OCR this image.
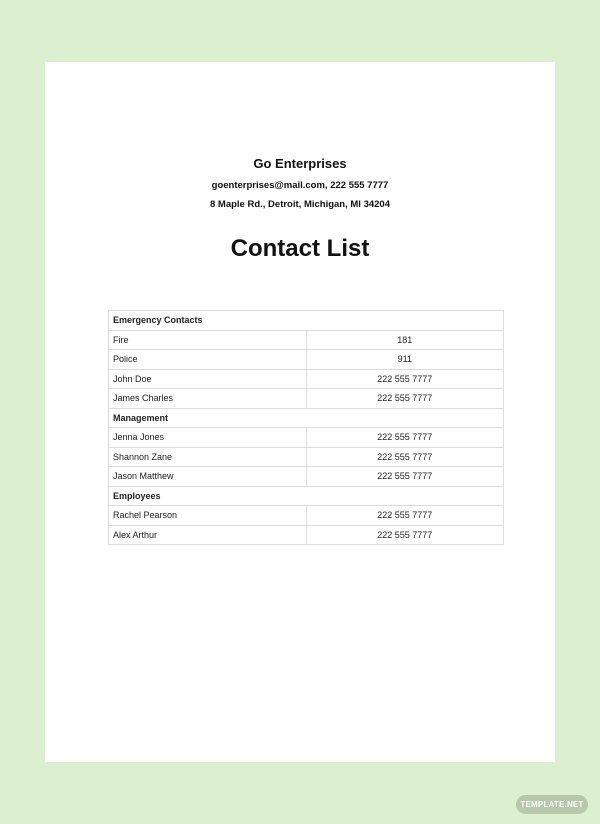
Go Enterprises
goenterprises@mail.com, 222 555 7777
8 Maple Rd., Detroit, Michigan, MI 34204
Contact List
Emergency Contacts	
Fire	181
Police	911
John Doe	222 555 7777
James Charles	222 555 7777
Management	
Jenna Jones	222 555 7777
Shannon Zane	222 555 7777
Jason Matthew	222 555 7777
Employees	
Rachel Pearson	222 555 7777
Alex Arthur	222 555 7777
TEMPLATE.NET
